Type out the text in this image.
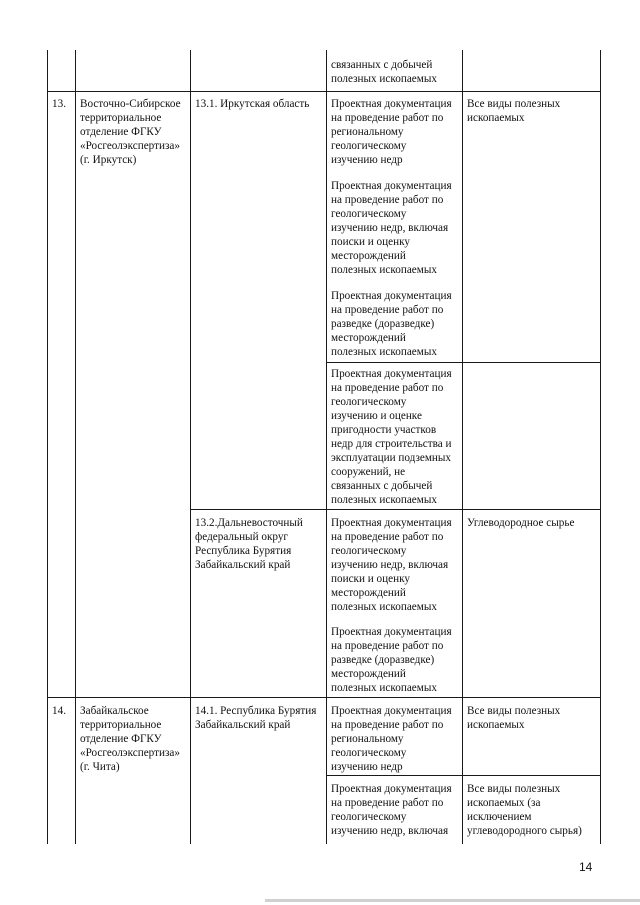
связанных с добычей
полезных ископаемых
13. Восточно-Сибирское
территориальное
отделение ФГКУ
«Росгеолэкспертиза»
(г. Иркутск)
13.1. Иркутская область Проектная документация
на проведение работ по
региональному
геологическому
изучению недр
Проектная документация
на проведение работ по
геологическому
изучению недр, включая
поиски и оценку
месторождений
полезных ископаемых
Проектная документация
на проведение работ по
разведке (доразведке)
месторождений
полезных ископаемых
Все виды полезных
ископаемых
Проектная документация
на проведение работ по
геологическому
изучению и оценке
пригодности участков
недр для строительства и
эксплуатации подземных
сооружений, не
связанных с добычей
полезных ископаемых
13.2.Дальневосточный
федеральный округ
Республика Бурятия
Забайкальский край
Проектная документация
на проведение работ по
геологическому
изучению недр, включая
поиски и оценку
месторождений
полезных ископаемых
Проектная документация
на проведение работ по
разведке (доразведке)
месторождений
полезных ископаемых
Углеводородное сырье
14. Забайкальское
территориальное
отделение ФГКУ
«Росгеолэкспертиза»
(г. Чита)
14.1. Республика Бурятия
Забайкальский край
Проектная документация
на проведение работ по
региональному
геологическому
изучению недр
Все виды полезных
ископаемых
Проектная документация
на проведение работ по
геологическому
изучению недр, включая
Все виды полезных
ископаемых (за
исключением
углеводородного сырья)
14
